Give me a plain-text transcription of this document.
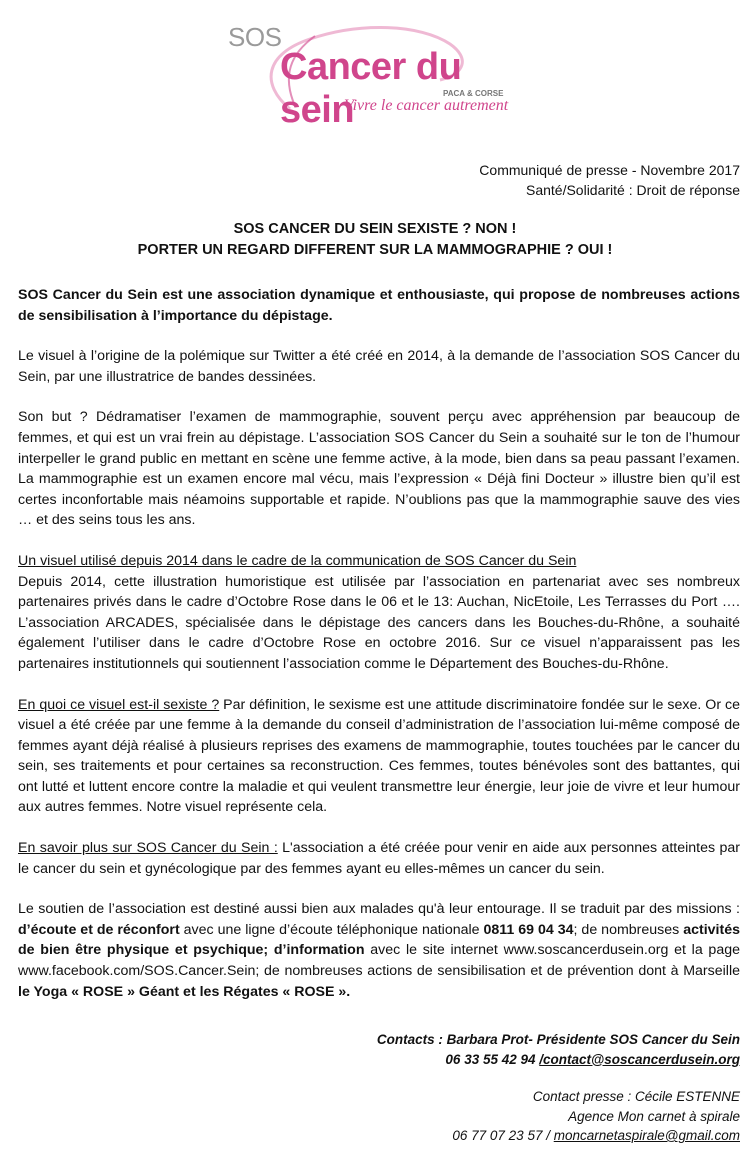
SOS
Cancer du sein	PACA & CORSE
Vivre le cancer autrement
Communiqué de presse - Novembre 2017
Santé/Solidarité : Droit de réponse
SOS CANCER DU SEIN SEXISTE ? NON !
PORTER UN REGARD DIFFERENT SUR LA MAMMOGRAPHIE ? OUI !

SOS Cancer du Sein est une association dynamique et enthousiaste, qui propose de nombreuses actions de sensibilisation à l’importance du dépistage.

Le visuel à l’origine de la polémique sur Twitter a été créé en 2014, à la demande de l’association SOS Cancer du Sein, par une illustratrice de bandes dessinées.

Son but ? Dédramatiser l’examen de mammographie, souvent perçu avec appréhension par beaucoup de femmes, et qui est un vrai frein au dépistage. L’association SOS Cancer du Sein a souhaité sur le ton de l’humour interpeller le grand public en mettant en scène une femme active, à la mode, bien dans sa peau passant l’examen. La mammographie est un examen encore mal vécu, mais l’expression « Déjà fini Docteur » illustre bien qu’il est certes inconfortable mais néamoins supportable et rapide. N’oublions pas que la mammographie sauve des vies … et des seins tous les ans.

Un visuel utilisé depuis 2014 dans le cadre de la communication de SOS Cancer du Sein
Depuis 2014, cette illustration humoristique est utilisée par l’association en partenariat avec ses nombreux partenaires privés dans le cadre d’Octobre Rose dans le 06 et le 13: Auchan, NicEtoile, Les Terrasses du Port …. L’association ARCADES, spécialisée dans le dépistage des cancers dans les Bouches-du-Rhône, a souhaité également l’utiliser dans le cadre d’Octobre Rose en octobre 2016. Sur ce visuel n’apparaissent pas les partenaires institutionnels qui soutiennent l’association comme le Département des Bouches-du-Rhône.

En quoi ce visuel est-il sexiste ? Par définition, le sexisme est une attitude discriminatoire fondée sur le sexe. Or ce visuel a été créée par une femme à la demande du conseil d’administration de l’association lui-même composé de femmes ayant déjà réalisé à plusieurs reprises des examens de mammographie, toutes touchées par le cancer du sein, ses traitements et pour certaines sa reconstruction. Ces femmes, toutes bénévoles sont des battantes, qui ont lutté et luttent encore contre la maladie et qui veulent transmettre leur énergie, leur joie de vivre et leur humour aux autres femmes. Notre visuel représente cela.

En savoir plus sur SOS Cancer du Sein : L'association a été créée pour venir en aide aux personnes atteintes par le cancer du sein et gynécologique par des femmes ayant eu elles-mêmes un cancer du sein.

Le soutien de l’association est destiné aussi bien aux malades qu'à leur entourage. Il se traduit par des missions : d’écoute et de réconfort avec une ligne d’écoute téléphonique nationale 0811 69 04 34; de nombreuses activités de bien être physique et psychique; d’information avec le site internet www.soscancerdusein.org et la page www.facebook.com/SOS.Cancer.Sein; de nombreuses actions de sensibilisation et de prévention dont à Marseille le Yoga « ROSE » Géant et les Régates « ROSE ».

Contacts : Barbara Prot- Présidente SOS Cancer du Sein
06 33 55 42 94 /contact@soscancerdusein.org
Contact presse : Cécile ESTENNE
Agence Mon carnet à spirale
06 77 07 23 57 / moncarnetaspirale@gmail.com
